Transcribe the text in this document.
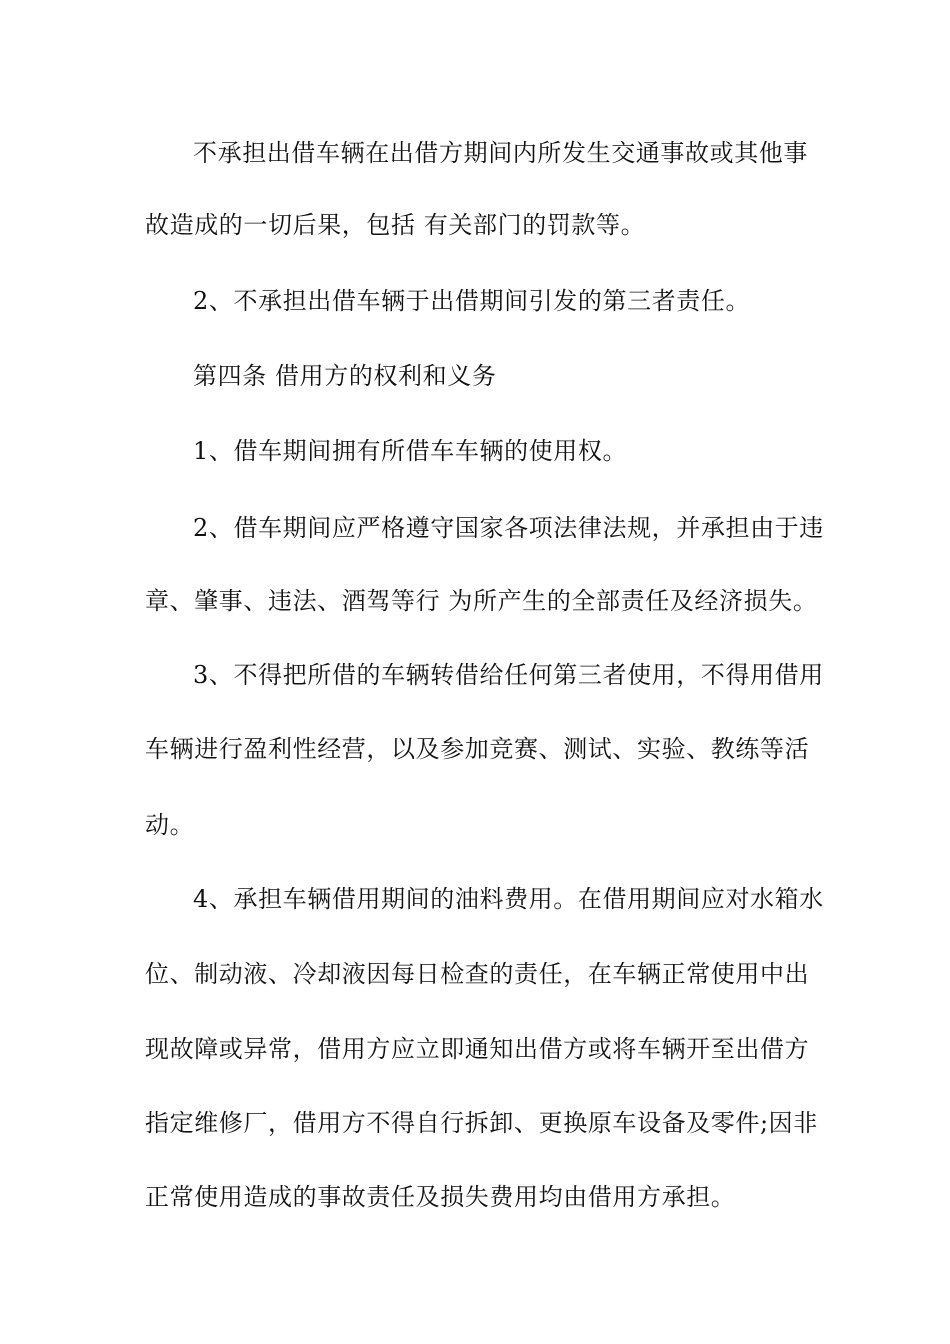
不承担出借车辆在出借方期间内所发生交通事故或其他事
故造成的一切后果，包括 有关部门的罚款等。
2、不承担出借车辆于出借期间引发的第三者责任。
第四条 借用方的权利和义务
1、借车期间拥有所借车车辆的使用权。
2、借车期间应严格遵守国家各项法律法规，并承担由于违
章、肇事、违法、酒驾等行 为所产生的全部责任及经济损失。
3、不得把所借的车辆转借给任何第三者使用，不得用借用
车辆进行盈利性经营，以及参加竞赛、测试、实验、教练等活
动。
4、承担车辆借用期间的油料费用。在借用期间应对水箱水
位、制动液、冷却液因每日检查的责任，在车辆正常使用中出
现故障或异常，借用方应立即通知出借方或将车辆开至出借方
指定维修厂，借用方不得自行拆卸、更换原车设备及零件;因非
正常使用造成的事故责任及损失费用均由借用方承担。
